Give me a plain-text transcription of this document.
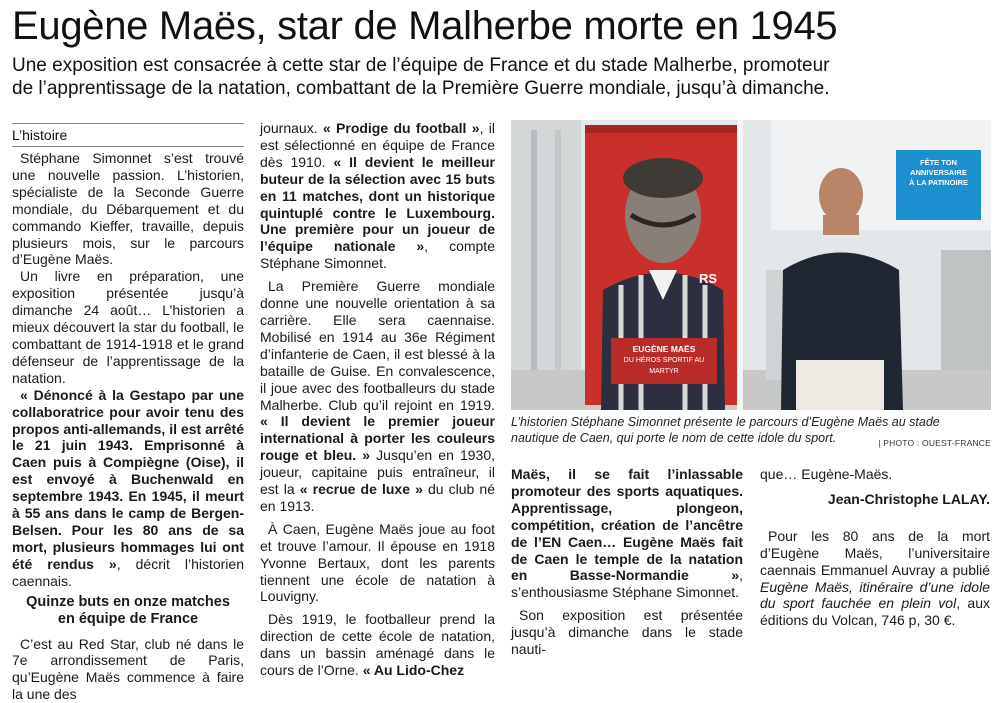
Eugène Maës, star de Malherbe morte en 1945
Une exposition est consacrée à cette star de l’équipe de France et du stade Malherbe, promoteur
de l’apprentissage de la natation, combattant de la Première Guerre mondiale, jusqu’à dimanche.
L’histoire

Stéphane Simonnet s’est trouvé une nouvelle passion. L’historien, spécialiste de la Seconde Guerre mondiale, du Débarquement et du commando Kieffer, travaille, depuis plusieurs mois, sur le parcours d’Eugène Maës.

Un livre en préparation, une exposition présentée jusqu’à dimanche 24 août… L’historien a mieux découvert la star du football, le combattant de 1914-1918 et le grand défenseur de l’apprentissage de la natation.

« Dénoncé à la Gestapo par une collaboratrice pour avoir tenu des propos anti-allemands, il est arrêté le 21 juin 1943. Emprisonné à Caen puis à Compiègne (Oise), il est envoyé à Buchenwald en septembre 1943. En 1945, il meurt à 55 ans dans le camp de Bergen-Belsen. Pour les 80 ans de sa mort, plusieurs hommages lui ont été rendus », décrit l’historien caennais.

Quinze buts en onze matches en équipe de France

C’est au Red Star, club né dans le 7e arrondissement de Paris, qu’Eugène Maës commence à faire la une des

journaux. « Prodige du football », il est sélectionné en équipe de France dès 1910. « Il devient le meilleur buteur de la sélection avec 15 buts en 11 matches, dont un historique quintuplé contre le Luxembourg. Une première pour un joueur de l’équipe nationale », compte Stéphane Simonnet.

La Première Guerre mondiale donne une nouvelle orientation à sa carrière. Elle sera caennaise. Mobilisé en 1914 au 36e Régiment d’infanterie de Caen, il est blessé à la bataille de Guise. En convalescence, il joue avec des footballeurs du stade Malherbe. Club qu’il rejoint en 1919. « Il devient le premier joueur international à porter les couleurs rouge et bleu. » Jusqu’en en 1930, joueur, capitaine puis entraîneur, il est la « recrue de luxe » du club né en 1913.

À Caen, Eugène Maës joue au foot et trouve l’amour. Il épouse en 1918 Yvonne Bertaux, dont les parents tiennent une école de natation à Louvigny.

Dès 1919, le footballeur prend la direction de cette école de natation, dans un bassin aménagé dans le cours de l’Orne. « Au Lido-Chez

RS
EUGÈNE MAËS
DU HÉROS SPORTIF AU MARTYR
FÊTE TON
ANNIVERSAIRE
À LA PATINOIRE
L’historien Stéphane Simonnet présente le parcours d’Eugène Maës au stade nautique de Caen, qui porte le nom de cette idole du sport.	| PHOTO : OUEST-FRANCE

Maës, il se fait l’inlassable promoteur des sports aquatiques. Apprentissage, plongeon, compétition, création de l’ancêtre de l’EN Caen… Eugène Maës fait de Caen le temple de la natation en Basse-Normandie », s’enthousiasme Stéphane Simonnet.

Son exposition est présentée jusqu’à dimanche dans le stade nauti-

que… Eugène-Maës.

Jean-Christophe LALAY.

Pour les 80 ans de la mort d’Eugène Maës, l’universitaire caennais Emmanuel Auvray a publié Eugène Maës, itinéraire d’une idole du sport fauchée en plein vol, aux éditions du Volcan, 746 p, 30 €.
